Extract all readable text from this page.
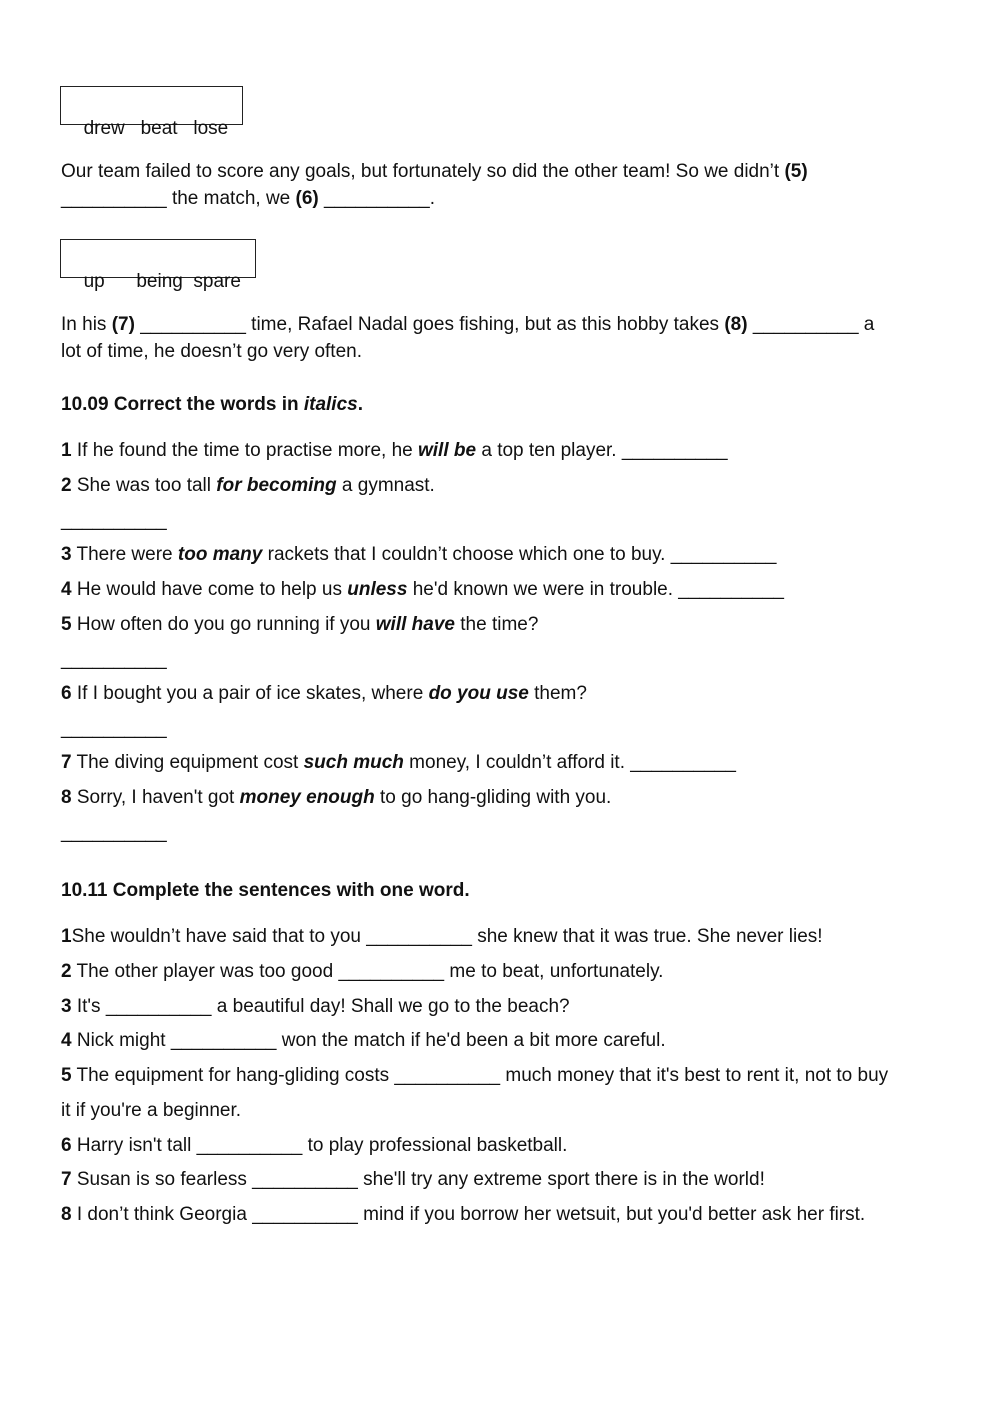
drew   beat   lose

Our team failed to score any goals, but fortunately so did the other team! So we didn’t (5)
__________ the match, we (6) __________.

up      being  spare

In his (7) __________ time, Rafael Nadal goes fishing, but as this hobby takes (8) __________ a
lot of time, he doesn’t go very often.
10.09 Correct the words in italics.
1 If he found the time to practise more, he will be a top ten player. __________
2 She was too tall for becoming a gymnast.
__________
3 There were too many rackets that I couldn’t choose which one to buy. __________
4 He would have come to help us unless he'd known we were in trouble. __________
5 How often do you go running if you will have the time?
__________
6 If I bought you a pair of ice skates, where do you use them?
__________
7 The diving equipment cost such much money, I couldn’t afford it. __________
8 Sorry, I haven't got money enough to go hang-gliding with you.
__________
10.11 Complete the sentences with one word.
1She wouldn’t have said that to you __________ she knew that it was true. She never lies!
2 The other player was too good __________ me to beat, unfortunately.
3 It's __________ a beautiful day! Shall we go to the beach?
4 Nick might __________ won the match if he'd been a bit more careful.
5 The equipment for hang-gliding costs __________ much money that it's best to rent it, not to buy
it if you're a beginner.
6 Harry isn't tall __________ to play professional basketball.
7 Susan is so fearless __________ she'll try any extreme sport there is in the world!
8 I don’t think Georgia __________ mind if you borrow her wetsuit, but you'd better ask her first.
